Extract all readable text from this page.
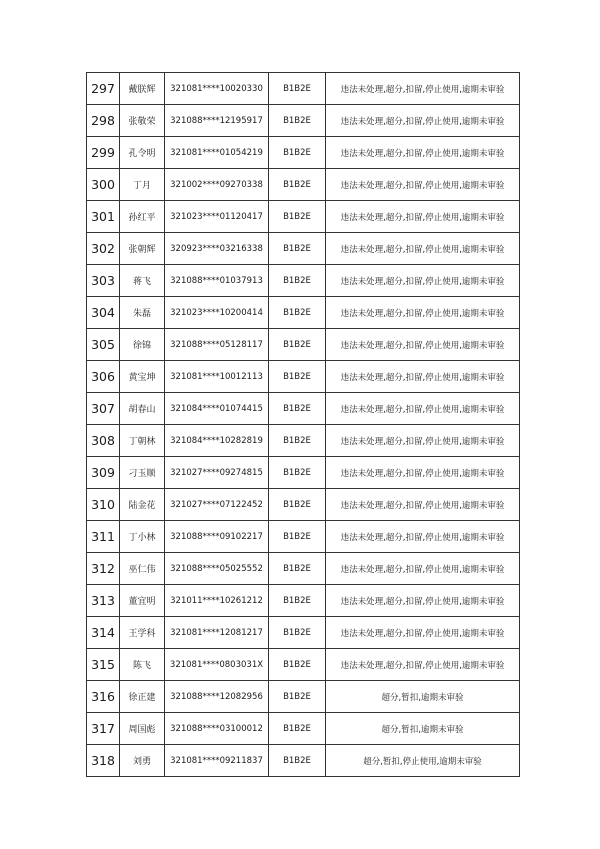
297	戴朕辉	321081****10020330	B1B2E	违法未处理,超分,扣留,停止使用,逾期未审验
298	张敬荣	321088****12195917	B1B2E	违法未处理,超分,扣留,停止使用,逾期未审验
299	孔令明	321081****01054219	B1B2E	违法未处理,超分,扣留,停止使用,逾期未审验
300	丁月	321002****09270338	B1B2E	违法未处理,超分,扣留,停止使用,逾期未审验
301	孙红平	321023****01120417	B1B2E	违法未处理,超分,扣留,停止使用,逾期未审验
302	张朝辉	320923****03216338	B1B2E	违法未处理,超分,扣留,停止使用,逾期未审验
303	蒋飞	321088****01037913	B1B2E	违法未处理,超分,扣留,停止使用,逾期未审验
304	朱磊	321023****10200414	B1B2E	违法未处理,超分,扣留,停止使用,逾期未审验
305	徐锦	321088****05128117	B1B2E	违法未处理,超分,扣留,停止使用,逾期未审验
306	黄宝坤	321081****10012113	B1B2E	违法未处理,超分,扣留,停止使用,逾期未审验
307	胡春山	321084****01074415	B1B2E	违法未处理,超分,扣留,停止使用,逾期未审验
308	丁朝林	321084****10282819	B1B2E	违法未处理,超分,扣留,停止使用,逾期未审验
309	刁玉顺	321027****09274815	B1B2E	违法未处理,超分,扣留,停止使用,逾期未审验
310	陆金花	321027****07122452	B1B2E	违法未处理,超分,扣留,停止使用,逾期未审验
311	丁小林	321088****09102217	B1B2E	违法未处理,超分,扣留,停止使用,逾期未审验
312	巫仁伟	321088****05025552	B1B2E	违法未处理,超分,扣留,停止使用,逾期未审验
313	董宜明	321011****10261212	B1B2E	违法未处理,超分,扣留,停止使用,逾期未审验
314	王学科	321081****12081217	B1B2E	违法未处理,超分,扣留,停止使用,逾期未审验
315	陈飞	321081****0803031X	B1B2E	违法未处理,超分,扣留,停止使用,逾期未审验
316	徐正建	321088****12082956	B1B2E	超分,暂扣,逾期未审验
317	周国彪	321088****03100012	B1B2E	超分,暂扣,逾期未审验
318	刘勇	321081****09211837	B1B2E	超分,暂扣,停止使用,逾期未审验
